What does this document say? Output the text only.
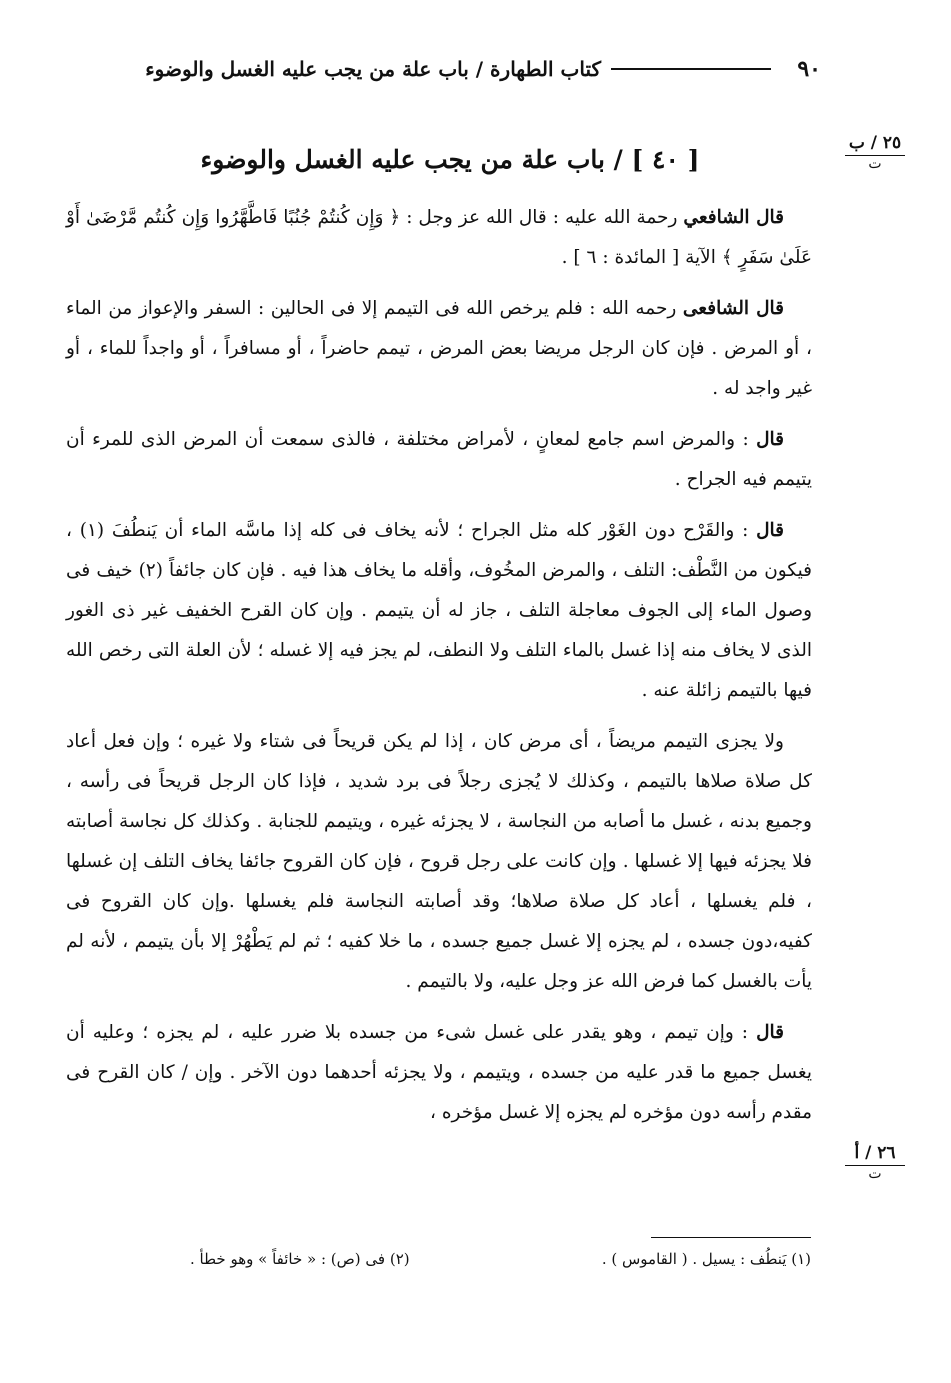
٩٠
كتاب الطهارة / باب علة من يجب عليه الغسل والوضوء
٢٥ / ب
ت
٢٦ / أ
ت
[ ٤٠ ] / باب علة من يجب عليه الغسل والوضوء

قال الشافعي رحمة الله عليه : قال الله عز وجل : ﴿ وَإِن كُنتُمْ جُنُبًا فَاطَّهَّرُوا وَإِن كُنتُم مَّرْضَىٰ أَوْ عَلَىٰ سَفَرٍ ﴾ الآية [ المائدة : ٦ ] .

قال الشافعى رحمه الله : فلم يرخص الله فى التيمم إلا فى الحالين : السفر والإعواز من الماء ، أو المرض . فإن كان الرجل مريضا بعض المرض ، تيمم حاضراً ، أو مسافراً ، أو واجداً للماء ، أو غير واجد له .

قال : والمرض اسم جامع لمعانٍ ، لأمراض مختلفة ، فالذى سمعت أن المرض الذى للمرء أن يتيمم فيه الجراح .

قال : والقَرْح دون الغَوْر كله مثل الجراح ؛ لأنه يخاف فى كله إذا ماسَّه الماء أن يَنطُفَ (١) ، فيكون من النَّطْف: التلف ، والمرض المخُوف، وأقله ما يخاف هذا فيه . فإن كان جائفاً (٢) خيف فى وصول الماء إلى الجوف معاجلة التلف ، جاز له أن يتيمم . وإن كان القرح الخفيف غير ذى الغور الذى لا يخاف منه إذا غسل بالماء التلف ولا النطف، لم يجز فيه إلا غسله ؛ لأن العلة التى رخص الله فيها بالتيمم زائلة عنه .

ولا يجزى التيمم مريضاً ، أى مرض كان ، إذا لم يكن قريحاً فى شتاء ولا غيره ؛ وإن فعل أعاد كل صلاة صلاها بالتيمم ، وكذلك لا يُجزى رجلاً فى برد شديد ، فإذا كان الرجل قريحاً فى رأسه ، وجميع بدنه ، غسل ما أصابه من النجاسة ، لا يجزئه غيره ، ويتيمم للجنابة . وكذلك كل نجاسة أصابته فلا يجزئه فيها إلا غسلها . وإن كانت على رجل قروح ، فإن كان القروح جائفا يخاف التلف إن غسلها ، فلم يغسلها ، أعاد كل صلاة صلاها؛ وقد أصابته النجاسة فلم يغسلها .وإن كان القروح فى كفيه،دون جسده ، لم يجزه إلا غسل جميع جسده ، ما خلا كفيه ؛ ثم لم يَطْهُرْ إلا بأن يتيمم ، لأنه لم يأت بالغسل كما فرض الله عز وجل عليه، ولا بالتيمم .

قال : وإن تيمم ، وهو يقدر على غسل شىء من جسده بلا ضرر عليه ، لم يجزه ؛ وعليه أن يغسل جميع ما قدر عليه من جسده ، ويتيمم ، ولا يجزئه أحدهما دون الآخر . وإن / كان القرح فى مقدم رأسه دون مؤخره لم يجزه إلا غسل مؤخره ،

(١) يَنطُف : يسيل . ( القاموس ) .
(٢) فى (ص) : « خائفاً » وهو خطأ .
